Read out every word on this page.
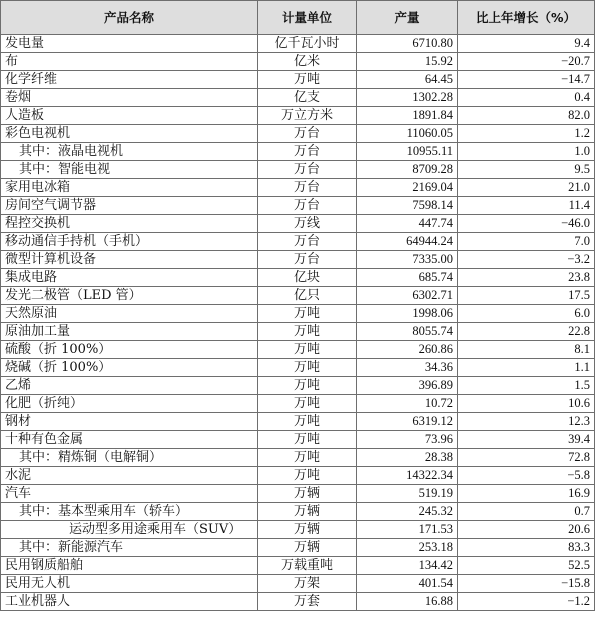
产品名称	计量单位	产量	比上年增长（%）
发电量	亿千瓦小时	6710.80	9.4
布	亿米	15.92	−20.7
化学纤维	万吨	64.45	−14.7
卷烟	亿支	1302.28	0.4
人造板	万立方米	1891.84	82.0
彩色电视机	万台	11060.05	1.2
其中：液晶电视机	万台	10955.11	1.0
其中：智能电视	万台	8709.28	9.5
家用电冰箱	万台	2169.04	21.0
房间空气调节器	万台	7598.14	11.4
程控交换机	万线	447.74	−46.0
移动通信手持机（手机）	万台	64944.24	7.0
微型计算机设备	万台	7335.00	−3.2
集成电路	亿块	685.74	23.8
发光二极管（LED 管）	亿只	6302.71	17.5
天然原油	万吨	1998.06	6.0
原油加工量	万吨	8055.74	22.8
硫酸（折 100%）	万吨	260.86	8.1
烧碱（折 100%）	万吨	34.36	1.1
乙烯	万吨	396.89	1.5
化肥（折纯）	万吨	10.72	10.6
钢材	万吨	6319.12	12.3
十种有色金属	万吨	73.96	39.4
其中：精炼铜（电解铜）	万吨	28.38	72.8
水泥	万吨	14322.34	−5.8
汽车	万辆	519.19	16.9
其中：基本型乘用车（轿车）	万辆	245.32	0.7
运动型多用途乘用车（SUV）	万辆	171.53	20.6
其中：新能源汽车	万辆	253.18	83.3
民用钢质船舶	万载重吨	134.42	52.5
民用无人机	万架	401.54	−15.8
工业机器人	万套	16.88	−1.2
